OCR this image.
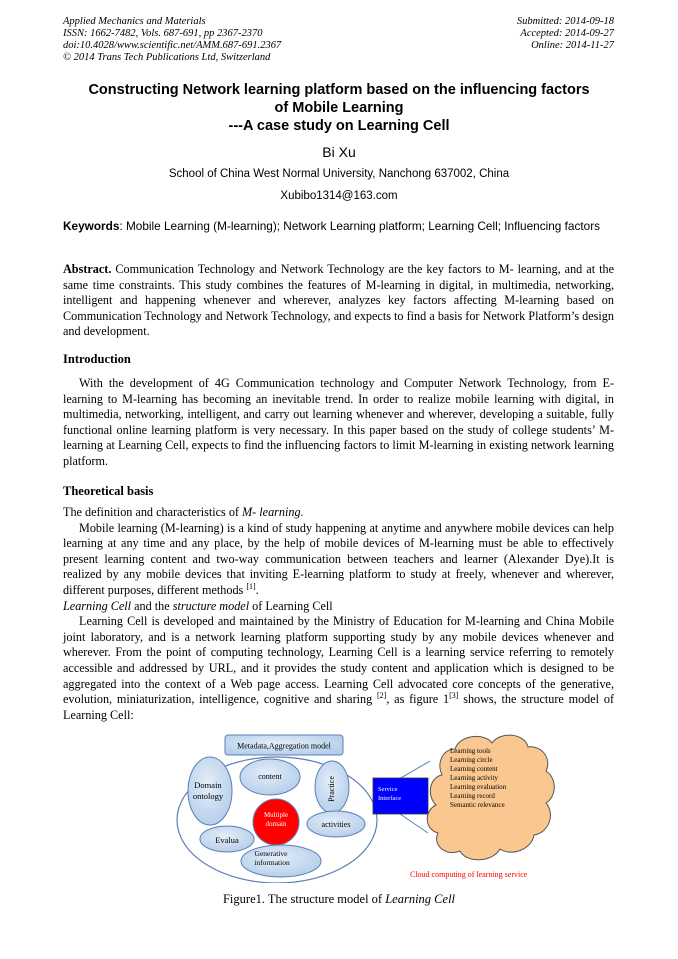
Applied Mechanics and Materials
ISSN: 1662-7482, Vols. 687-691, pp 2367-2370
doi:10.4028/www.scientific.net/AMM.687-691.2367
© 2014 Trans Tech Publications Ltd, Switzerland
Submitted: 2014-09-18
Accepted: 2014-09-27
Online: 2014-11-27
Constructing Network learning platform based on the influencing factors
of Mobile Learning
---A case study on Learning Cell
Bi Xu
School of China West Normal University, Nanchong 637002, China
Xubibo1314@163.com
Keywords: Mobile Learning (M-learning); Network Learning platform; Learning Cell; Influencing factors
Abstract. Communication Technology and Network Technology are the key factors to M- learning, and at the same time constraints. This study combines the features of M-learning in digital, in multimedia, networking, intelligent and happening whenever and wherever, analyzes key factors affecting M-learning based on Communication Technology and Network Technology, and expects to find a basis for Network Platform’s design and development.
Introduction
With the development of 4G Communication technology and Computer Network Technology, from E-learning to M-learning has becoming an inevitable trend. In order to realize mobile learning with digital, in multimedia, networking, intelligent, and carry out learning whenever and wherever, developing a suitable, fully functional online learning platform is very necessary. In this paper based on the study of college students’ M-learning at Learning Cell, expects to find the influencing factors to limit M-learning in existing network learning platform.
Theoretical basis

The definition and characteristics of M- learning.

Mobile learning (M-learning) is a kind of study happening at anytime and anywhere mobile devices can help learning at any time and any place, by the help of mobile devices of M-learning must be able to effectively present learning content and two-way communication between teachers and learner (Alexander Dye).It is realized by any mobile devices that inviting E-learning platform to study at freely, whenever and wherever, different purposes, different methods [1].

Learning Cell and the structure model of Learning Cell

Learning Cell is developed and maintained by the Ministry of Education for M-learning and China Mobile joint laboratory, and is a network learning platform supporting study by any mobile devices whenever and wherever. From the point of computing technology, Learning Cell is a learning service referring to remotely accessible and addressed by URL, and it provides the study content and application which is designed to be aggregated into the context of a Web page access. Learning Cell advocated core concepts of the generative, evolution, miniaturization, intelligence, cognitive and sharing [2], as figure 1[3] shows, the structure model of Learning Cell:

Metadata,Aggregation model
Domain
ontology
content	Practice
Multiple
domain	activities
Evalua
Generative
information
Service
Interface
Learning tools
Learning circle
Learning content
Learning activity
Learning evaluation
Learning record
Semantic relevance
Cloud computing of learning service
Figure1. The structure model of Learning Cell
